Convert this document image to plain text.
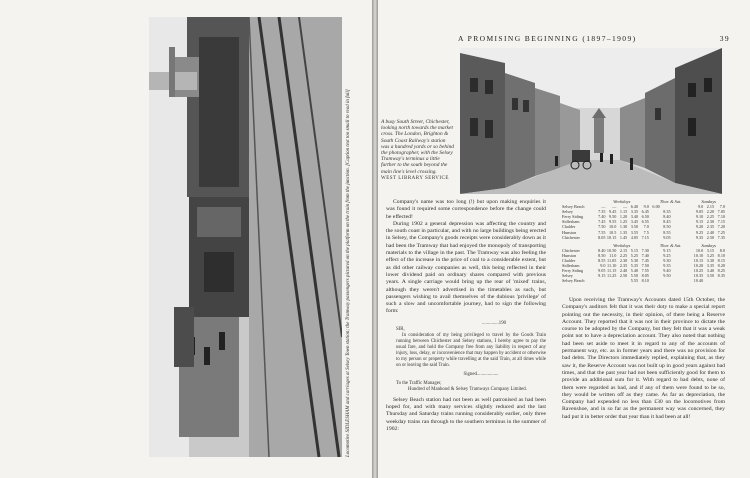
Locomotive SIDLESHAM and carriages at Selsey Town station; the Tramway passengers pictured on the platform on the train from the junction. [Caption text too small to read in full]
A PROMISING BEGINNING (1897–1909)	39
A busy South Street, Chichester, looking north towards the market cross. The London, Brighton & South Coast Railway's station was a hundred yards or so behind the photographer, with the Selsey Tramway's terminus a little further to the south beyond the main line's level crossing.
WEST LIBRARY SERVICE

Company's name was too long (!) but upon making enquiries it was found it required some correspondence before the change could be effected!

During 1902 a general depression was affecting the country and the south coast in particular, and with no large buildings being erected in Selsey, the Company's goods receipts were considerably down as it had been the Tramway that had enjoyed the monopoly of transporting materials to the village in the past. The Tramway was also feeling the effect of the increase in the price of coal to a considerable extent, but as did other railway companies as well, this being reflected in their lower dividend paid on ordinary shares compared with previous years. A single carriage would bring up the rear of 'mixed' trains, although they weren't advertised in the timetables as such, but passengers wishing to avail themselves of the dubious 'privilege' of such a slow and uncomfortable journey, had to sign the following form:

..............190
SIR,
In consideration of my being privileged to travel by the Goods Train running between Chichester and Selsey stations, I hereby agree to pay the usual fare, and hold the Company free from any liability in respect of any injury, loss, delay, or inconvenience that may happen by accident or otherwise to my person or property while travelling at the said Train, at all times while on or leaving the said Train.
Signed..................
To the Traffic Manager,
Hundred of Manhood & Selsey Tramways Company Limited.

Selsey Beach station had not been as well patronised as had been hoped for, and with many services slightly reduced and the last Thursday and Saturday trains running considerably earlier, only three weekday trains ran through to the southern terminus in the summer of 1902:

	Weekdays					Thur. & Sat.				Sundays		
Selsey Beach	—	—	—	6.40	9.0	6.00				9.0	2.15	7.0
Selsey	7.35	9.45	1.15	3.35	6.45		8.35			9.05	2.20	7.05
Ferry Siding	7.40	9.50	1.20	3.40	6.50		8.40			9.10	2.25	7.10
Sidlesham	7.45	9.55	1.25	3.45	6.55		8.45			9.15	2.30	7.15
Chalder	7.50	10.0	1.30	3.50	7.0		8.50			9.20	2.35	7.20
Hunston	7.55	10.5	1.35	3.55	7.5		8.55			9.25	2.40	7.25
Chichester	8.05	10.15	1.45	4.05	7.15		9.05			9.35	2.50	7.35

	Weekdays					Thur. & Sat.				Sundays		
Chichester	8.40	10.50	2.15	5.15	7.30		9.15			10.0	3.15	8.0
Hunston	8.50	11.0	2.25	5.25	7.40		9.25			10.10	3.25	8.10
Chalder	8.55	11.05	2.30	5.30	7.45		9.30			10.15	3.30	8.15
Sidlesham	9.0	11.10	2.35	5.35	7.50		9.35			10.20	3.35	8.20
Ferry Siding	9.05	11.15	2.40	5.40	7.55		9.40			10.25	3.40	8.25
Selsey	9.15	11.25	2.50	5.50	8.05		9.50			10.35	3.50	8.35
Selsey Beach				5.55	8.10					10.40		

Upon receiving the Tramway's Accounts dated 15th October, the Company's auditors felt that it was their duty to make a special report pointing out the necessity, in their opinion, of there being a Reserve Account. They reported that it was not in their province to dictate the course to be adopted by the Company, but they felt that it was a weak point not to have a depreciation account. They also noted that nothing had been set aside to meet it in regard to any of the accounts of permanent way, etc. as in former years and there was no provision for bad debts. The Directors immediately replied, explaining that, as they saw it, the Reserve Account was not built up in good years against bad times, and that the past year had not been sufficiently good for them to provide an additional sum for it. With regard to bad debts, none of them were regarded as bad, and if any of them were found to be so, they would be written off as they came. As far as depreciation, the Company had expended no less than £30 on the locomotives from Ravenshoe, and in so far as the permanent way was concerned, they had put it in better order that year than it had been at all!
